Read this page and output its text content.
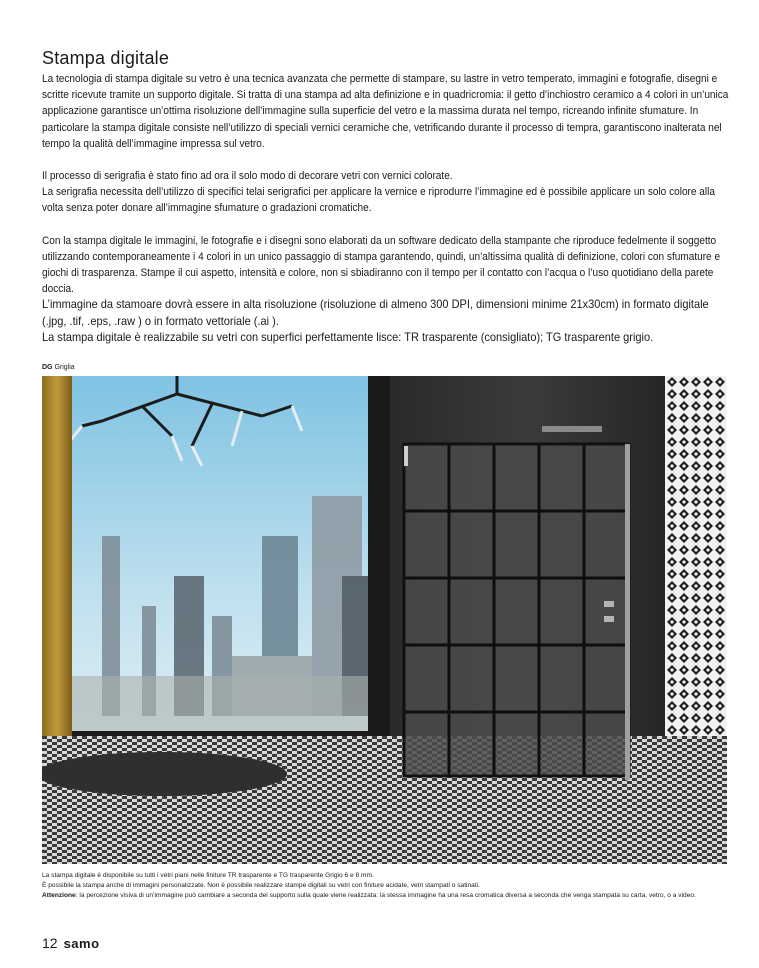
Stampa digitale

La tecnologia di stampa digitale su vetro è una tecnica avanzata che permette di stampare, su lastre in vetro temperato, immagini e fotografie, disegni e scritte ricevute tramite un supporto digitale. Si tratta di una stampa ad alta definizione e in quadricromia: il getto d’inchiostro ceramico a 4 colori in un’unica applicazione garantisce un’ottima risoluzione dell’immagine sulla superficie del vetro e la massima durata nel tempo, ricreando infinite sfumature. In particolare la stampa digitale consiste nell’utilizzo di speciali vernici ceramiche che, vetrificando durante il processo di tempra, garantiscono inalterata nel tempo la qualità dell’immagine impressa sul vetro.

Il processo di serigrafia è stato fino ad ora il solo modo di decorare vetri con vernici colorate.
La serigrafia necessita dell’utilizzo di specifici telai serigrafici per applicare la vernice e riprodurre l’immagine ed è possibile applicare un solo colore alla volta senza poter donare all’immagine sfumature o gradazioni cromatiche.

Con la stampa digitale le immagini, le fotografie e i disegni sono elaborati da un software dedicato della stampante che riproduce fedelmente il soggetto utilizzando contemporaneamente i 4 colori in un unico passaggio di stampa garantendo, quindi, un’altissima qualità di definizione, colori con sfumature e giochi di trasparenza. Stampe il cui aspetto, intensità e colore, non si sbiadiranno con il tempo per il contatto con l’acqua o l’uso quotidiano della parete doccia.

L’immagine da stamoare dovrà essere in alta risoluzione (risoluzione di almeno 300 DPI, dimensioni minime 21x30cm) in formato digitale (.jpg, .tif, .eps, .raw ) o in formato vettoriale (.ai ).
La stampa digitale è realizzabile su vetri con superfici perfettamente lisce: TR trasparente (consigliato); TG trasparente grigio.

DG Griglia

La stampa digitale è disponibile su tutti i vetri piani nelle finiture TR trasparente e TG trasparente Grigio 6 e 8 mm.

È possibile la stampa anche di immagini personalizzate. Non è possibile realizzare stampe digitali su vetri con finiture acidate, vetri stampati o satinati.

Attenzione: la percezione visiva di un’immagine può cambiare a seconda del supporto sulla quale viene realizzata: la stessa immagine ha una resa cromatica diversa a seconda che venga stampata su carta, vetro, o a video.

12 samo
